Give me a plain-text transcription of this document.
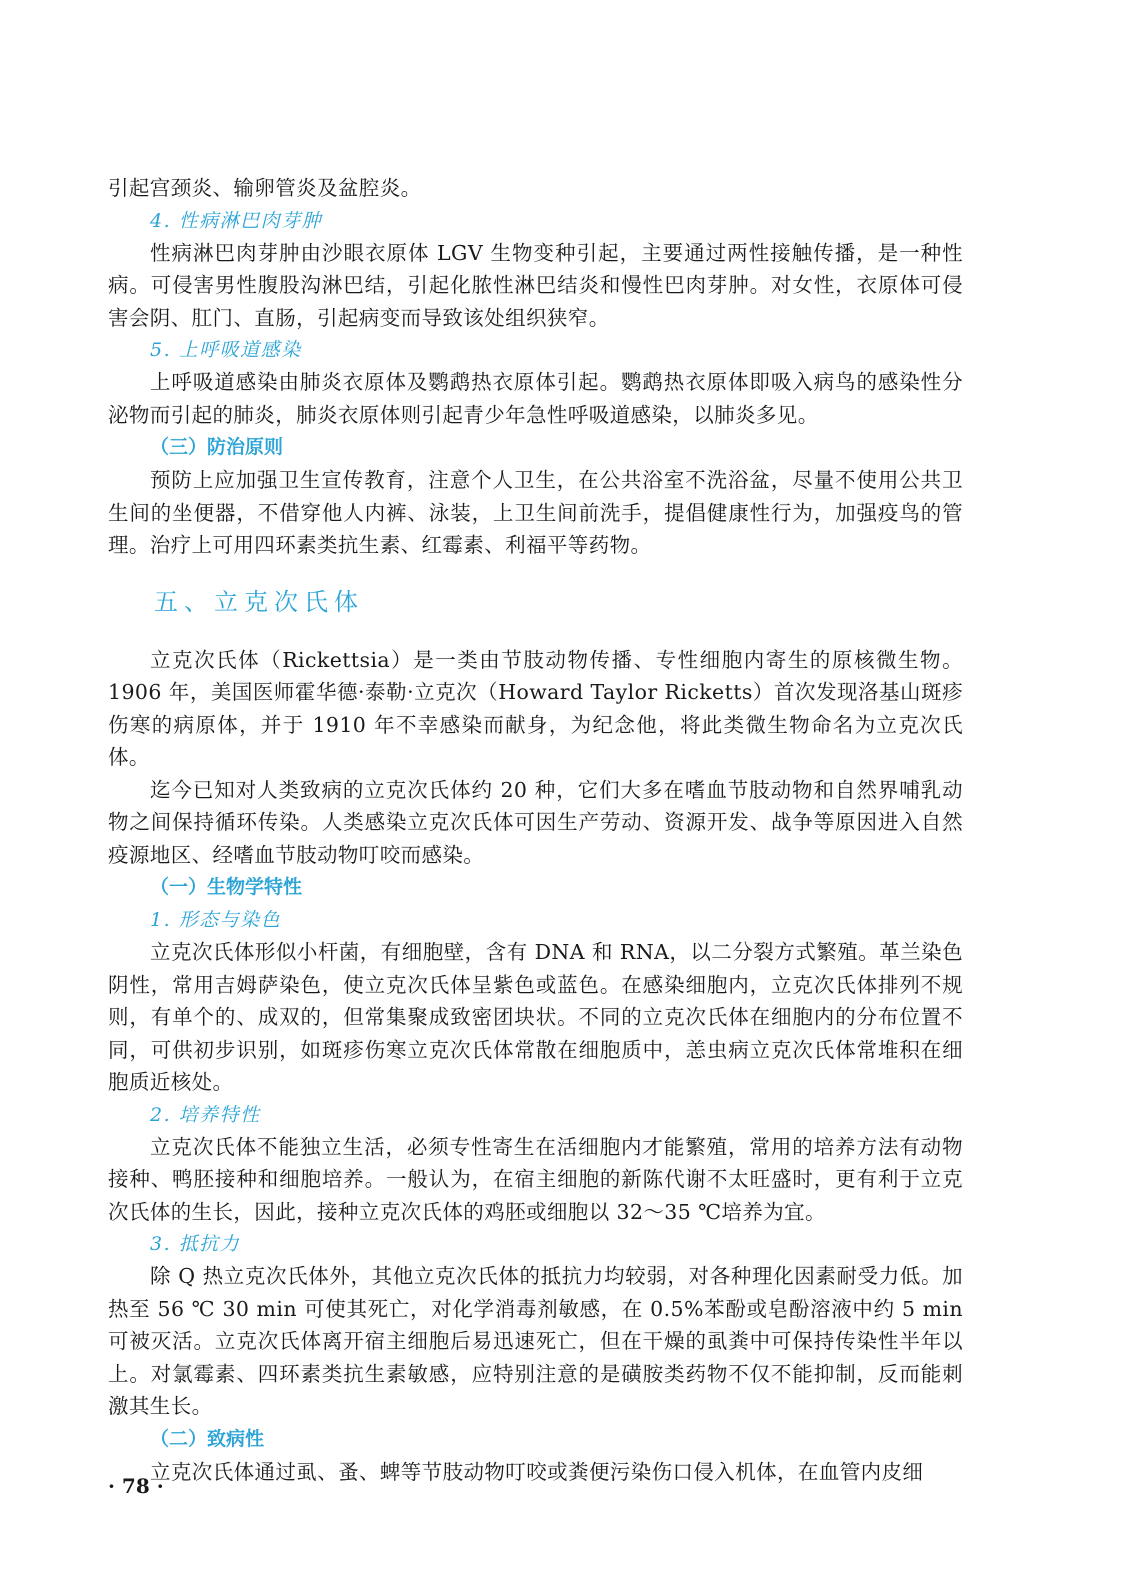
引起宫颈炎、输卵管炎及盆腔炎。

4. 性病淋巴肉芽肿

性病淋巴肉芽肿由沙眼衣原体 LGV 生物变种引起，主要通过两性接触传播，是一种性病。可侵害男性腹股沟淋巴结，引起化脓性淋巴结炎和慢性巴肉芽肿。对女性，衣原体可侵害会阴、肛门、直肠，引起病变而导致该处组织狭窄。

5. 上呼吸道感染

上呼吸道感染由肺炎衣原体及鹦鹉热衣原体引起。鹦鹉热衣原体即吸入病鸟的感染性分泌物而引起的肺炎，肺炎衣原体则引起青少年急性呼吸道感染，以肺炎多见。

（三）防治原则

预防上应加强卫生宣传教育，注意个人卫生，在公共浴室不洗浴盆，尽量不使用公共卫生间的坐便器，不借穿他人内裤、泳装，上卫生间前洗手，提倡健康性行为，加强疫鸟的管理。治疗上可用四环素类抗生素、红霉素、利福平等药物。

五、立克次氏体

立克次氏体（Rickettsia）是一类由节肢动物传播、专性细胞内寄生的原核微生物。1906 年，美国医师霍华德·泰勒·立克次（Howard Taylor Ricketts）首次发现洛基山斑疹伤寒的病原体，并于 1910 年不幸感染而献身，为纪念他，将此类微生物命名为立克次氏体。

迄今已知对人类致病的立克次氏体约 20 种，它们大多在嗜血节肢动物和自然界哺乳动物之间保持循环传染。人类感染立克次氏体可因生产劳动、资源开发、战争等原因进入自然疫源地区、经嗜血节肢动物叮咬而感染。

（一）生物学特性
1. 形态与染色

立克次氏体形似小杆菌，有细胞壁，含有 DNA 和 RNA，以二分裂方式繁殖。革兰染色阴性，常用吉姆萨染色，使立克次氏体呈紫色或蓝色。在感染细胞内，立克次氏体排列不规则，有单个的、成双的，但常集聚成致密团块状。不同的立克次氏体在细胞内的分布位置不同，可供初步识别，如斑疹伤寒立克次氏体常散在细胞质中，恙虫病立克次氏体常堆积在细胞质近核处。

2. 培养特性

立克次氏体不能独立生活，必须专性寄生在活细胞内才能繁殖，常用的培养方法有动物接种、鸭胚接种和细胞培养。一般认为，在宿主细胞的新陈代谢不太旺盛时，更有利于立克次氏体的生长，因此，接种立克次氏体的鸡胚或细胞以 32～35 ℃培养为宜。

3. 抵抗力

除 Q 热立克次氏体外，其他立克次氏体的抵抗力均较弱，对各种理化因素耐受力低。加热至 56 ℃ 30 min 可使其死亡，对化学消毒剂敏感，在 0.5%苯酚或皂酚溶液中约 5 min 可被灭活。立克次氏体离开宿主细胞后易迅速死亡，但在干燥的虱粪中可保持传染性半年以上。对氯霉素、四环素类抗生素敏感，应特别注意的是磺胺类药物不仅不能抑制，反而能刺激其生长。

（二）致病性

立克次氏体通过虱、蚤、蜱等节肢动物叮咬或粪便污染伤口侵入机体，在血管内皮细

· 78 ·
